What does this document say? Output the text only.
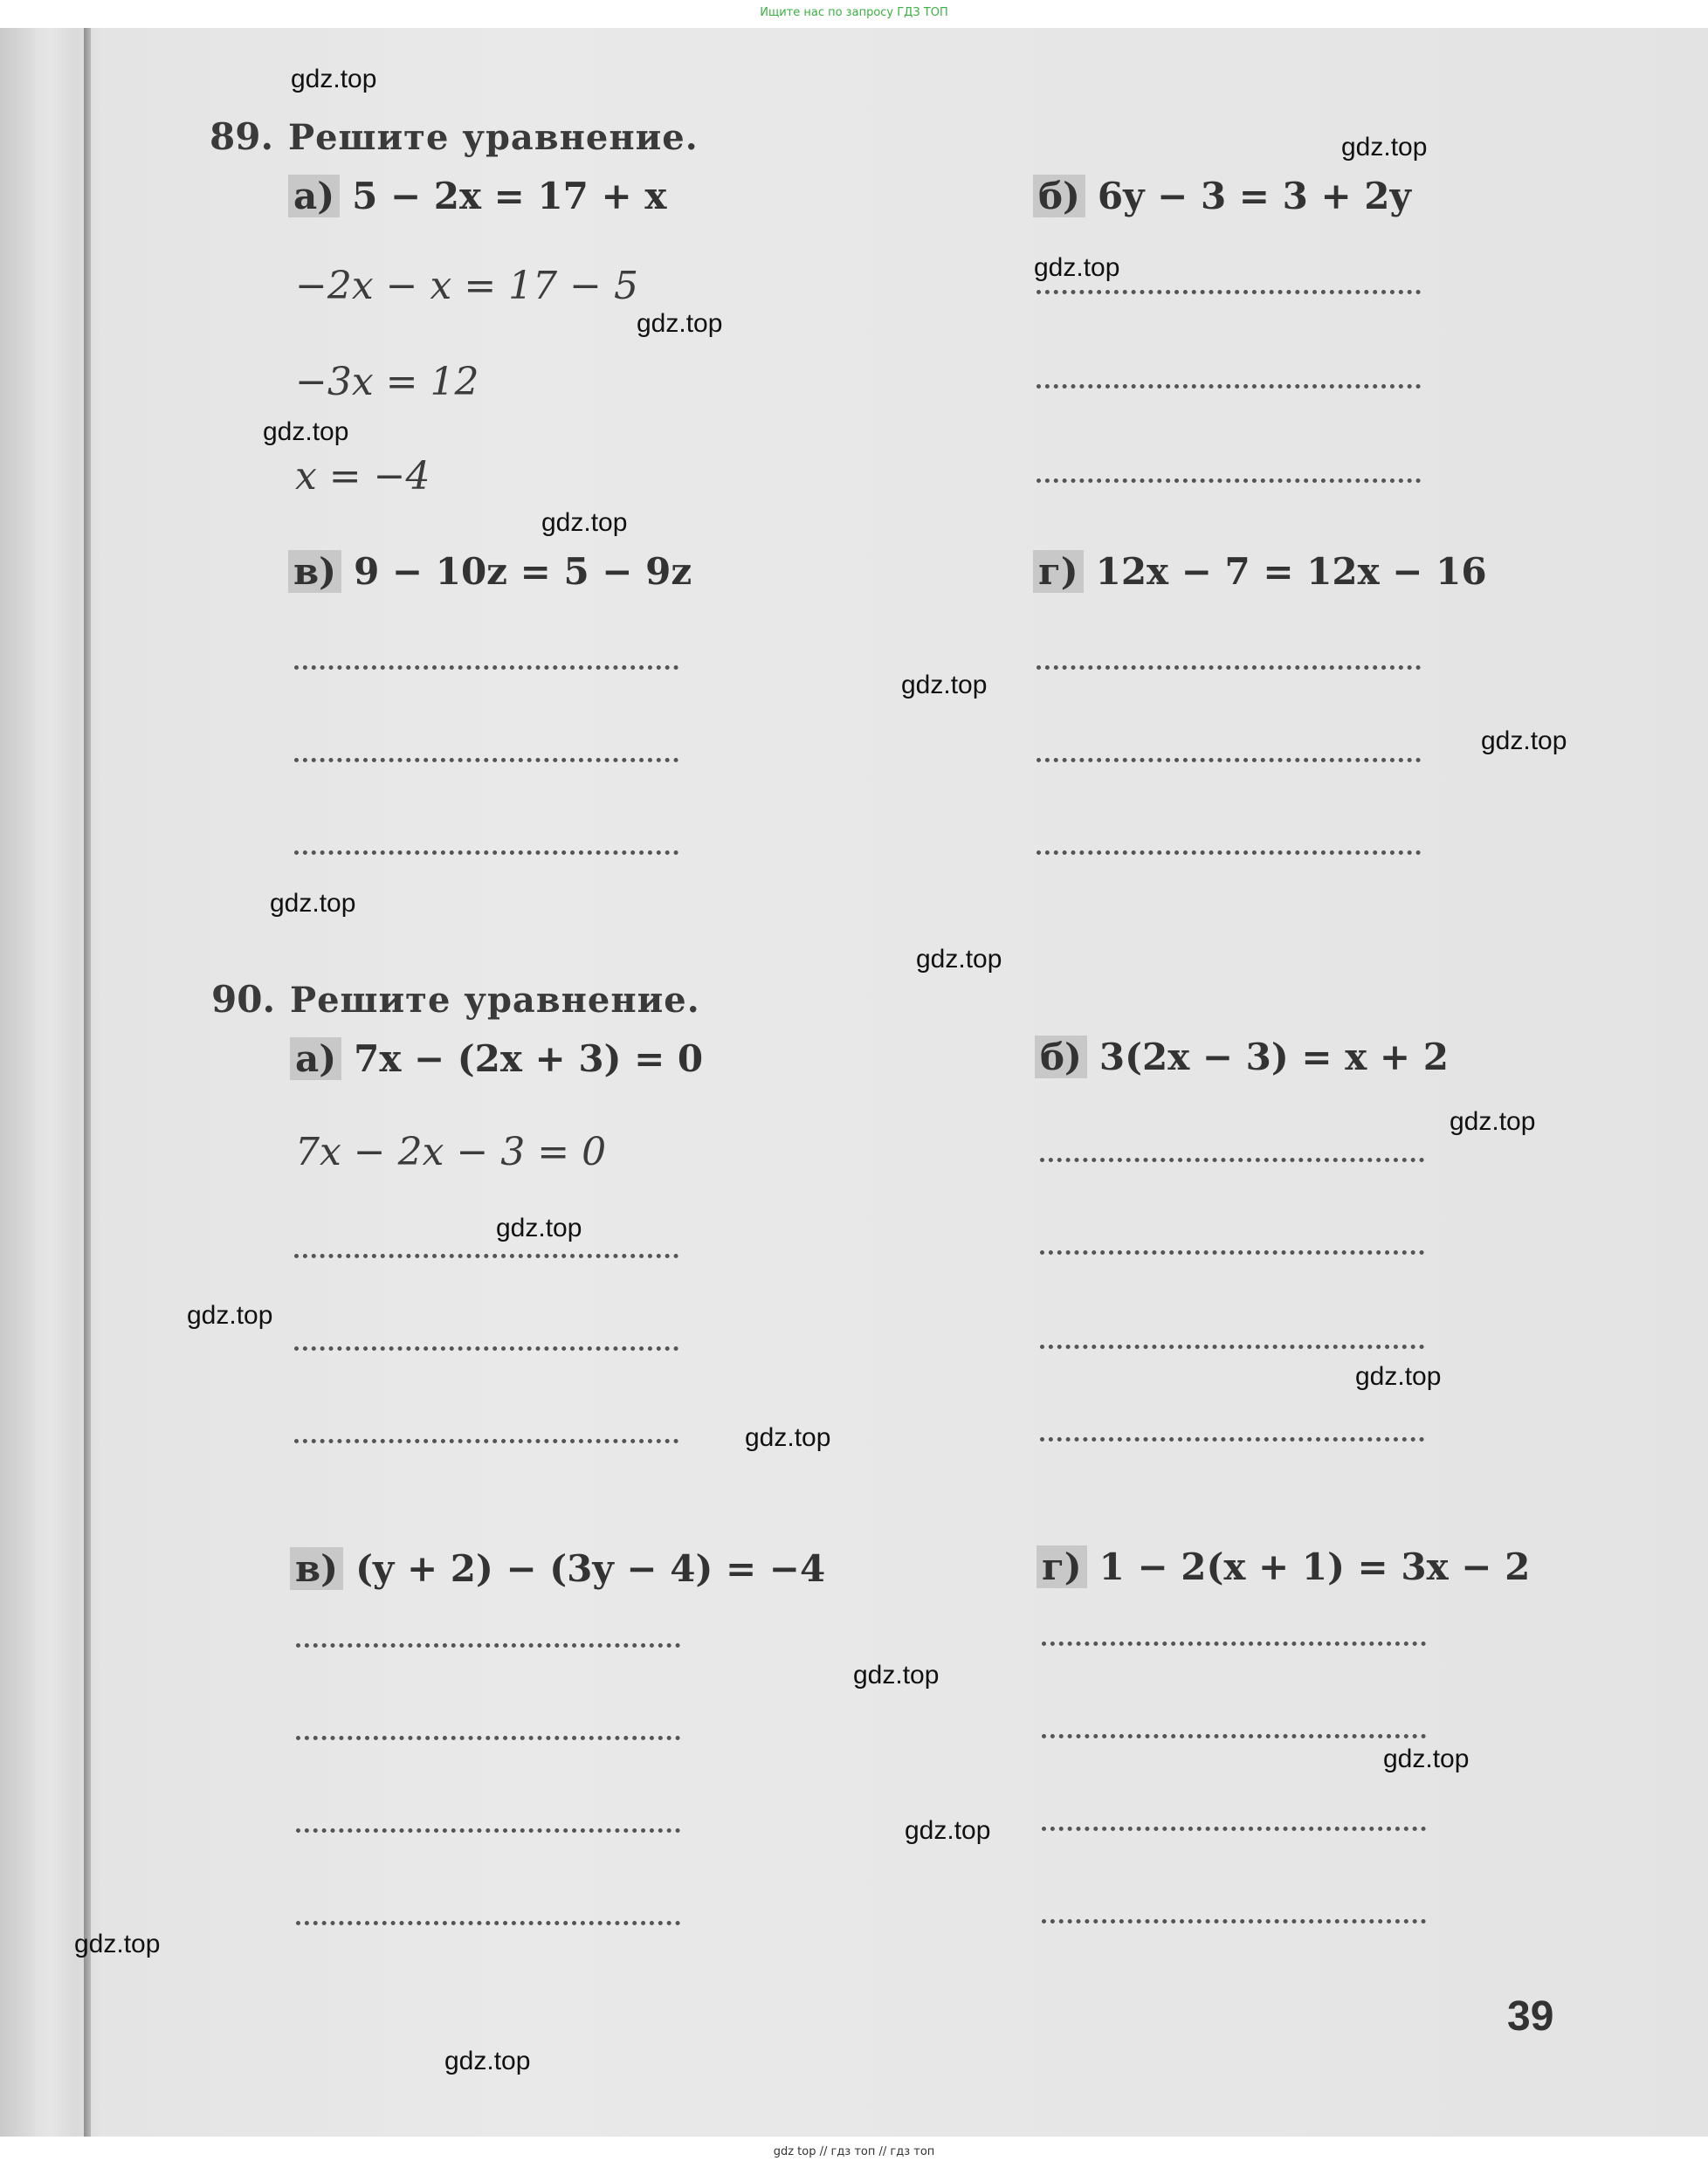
Ищите нас по запросу ГДЗ ТОП
89. Решите уравнение.
а) 5 − 2x = 17 + x	б) 6y − 3 = 3 + 2y
−2x − x = 17 − 5
−3x = 12
x = −4
в) 9 − 10z = 5 − 9z	г) 12x − 7 = 12x − 16
90. Решите уравнение.
а) 7x − (2x + 3) = 0	б) 3(2x − 3) = x + 2
7x − 2x − 3 = 0
в) (y + 2) − (3y − 4) = −4	г) 1 − 2(x + 1) = 3x − 2
39
gdz.top
gdz.top
gdz.top
gdz.top
gdz.top
gdz.top
gdz.top
gdz.top
gdz.top
gdz.top
gdz.top
gdz.top
gdz.top
gdz.top
gdz.top
gdz.top
gdz.top
gdz.top
gdz.top
gdz.top
gdz top // гдз топ // гдз топ
